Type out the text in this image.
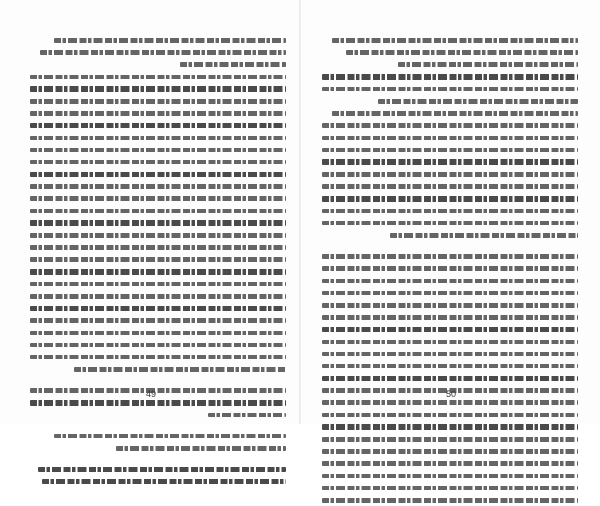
49	50
